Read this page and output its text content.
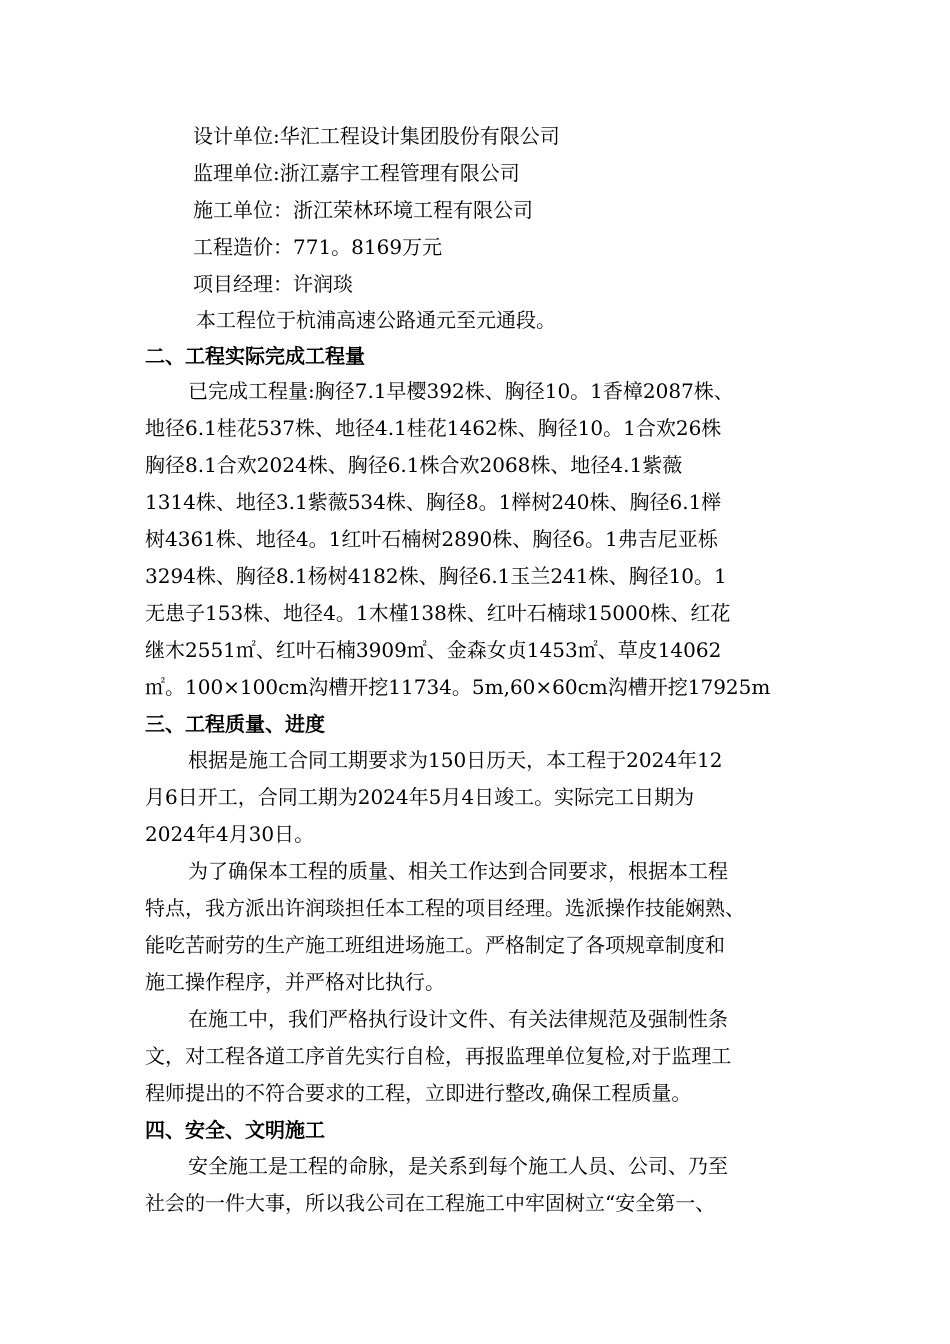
设计单位:华汇工程设计集团股份有限公司
监理单位:浙江嘉宇工程管理有限公司
施工单位：浙江荣林环境工程有限公司
工程造价：771。8169万元
项目经理：许润琰
本工程位于杭浦高速公路通元至元通段。
二、工程实际完成工程量
已完成工程量:胸径7.1早樱392株、胸径10。1香樟2087株、
地径6.1桂花537株、地径4.1桂花1462株、胸径10。1合欢26株
胸径8.1合欢2024株、胸径6.1株合欢2068株、地径4.1紫薇
1314株、地径3.1紫薇534株、胸径8。1榉树240株、胸径6.1榉
树4361株、地径4。1红叶石楠树2890株、胸径6。1弗吉尼亚栎
3294株、胸径8.1杨树4182株、胸径6.1玉兰241株、胸径10。1
无患子153株、地径4。1木槿138株、红叶石楠球15000株、红花
继木2551㎡、红叶石楠3909㎡、金森女贞1453㎡、草皮14062
㎡。100×100cm沟槽开挖11734。5m,60×60cm沟槽开挖17925m
三、工程质量、进度
根据是施工合同工期要求为150日历天，本工程于2024年12
月6日开工，合同工期为2024年5月4日竣工。实际完工日期为
2024年4月30日。
为了确保本工程的质量、相关工作达到合同要求，根据本工程
特点，我方派出许润琰担任本工程的项目经理。选派操作技能娴熟、
能吃苦耐劳的生产施工班组进场施工。严格制定了各项规章制度和
施工操作程序，并严格对比执行。
在施工中，我们严格执行设计文件、有关法律规范及强制性条
文，对工程各道工序首先实行自检，再报监理单位复检,对于监理工
程师提出的不符合要求的工程，立即进行整改,确保工程质量。
四、安全、文明施工
安全施工是工程的命脉，是关系到每个施工人员、公司、乃至
社会的一件大事，所以我公司在工程施工中牢固树立“安全第一、
